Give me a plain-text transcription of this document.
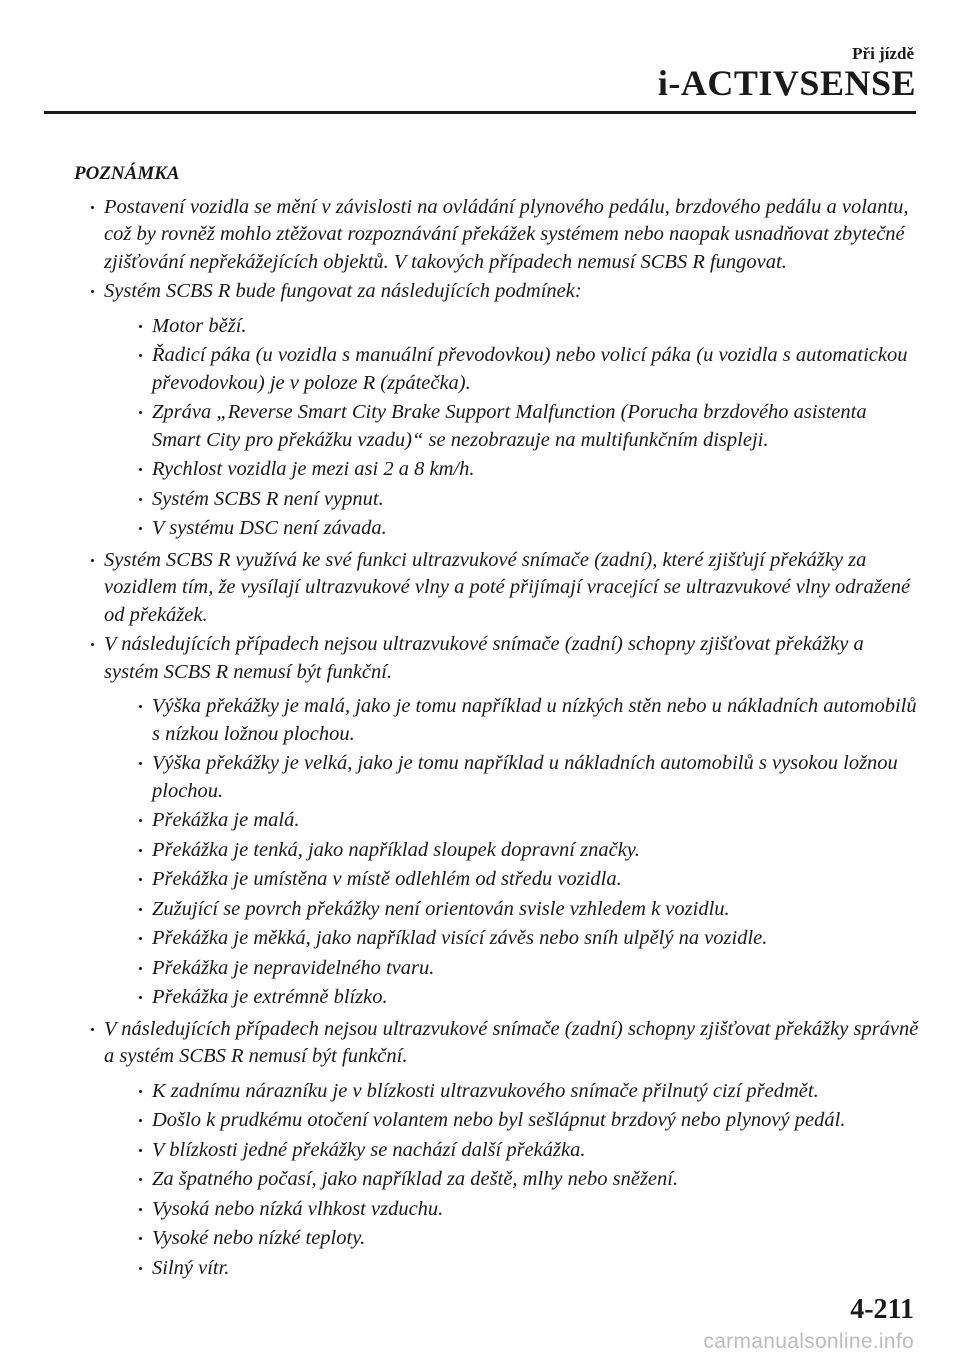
Při jízdě
i-ACTIVSENSE
POZNÁMKA
Postavení vozidla se mění v závislosti na ovládání plynového pedálu, brzdového pedálu a volantu, což by rovněž mohlo ztěžovat rozpoznávání překážek systémem nebo naopak usnadňovat zbytečné zjišťování nepřekážejících objektů. V takových případech nemusí SCBS R fungovat.
Systém SCBS R bude fungovat za následujících podmínek:
Motor běží.
Řadicí páka (u vozidla s manuální převodovkou) nebo volicí páka (u vozidla s automatickou převodovkou) je v poloze R (zpátečka).
Zpráva „Reverse Smart City Brake Support Malfunction (Porucha brzdového asistenta Smart City pro překážku vzadu)“ se nezobrazuje na multifunkčním displeji.
Rychlost vozidla je mezi asi 2 a 8 km/h.
Systém SCBS R není vypnut.
V systému DSC není závada.
Systém SCBS R využívá ke své funkci ultrazvukové snímače (zadní), které zjišťují překážky za vozidlem tím, že vysílají ultrazvukové vlny a poté přijímají vracející se ultrazvukové vlny odražené od překážek.
V následujících případech nejsou ultrazvukové snímače (zadní) schopny zjišťovat překážky a systém SCBS R nemusí být funkční.
Výška překážky je malá, jako je tomu například u nízkých stěn nebo u nákladních automobilů s nízkou ložnou plochou.
Výška překážky je velká, jako je tomu například u nákladních automobilů s vysokou ložnou plochou.
Překážka je malá.
Překážka je tenká, jako například sloupek dopravní značky.
Překážka je umístěna v místě odlehlém od středu vozidla.
Zužující se povrch překážky není orientován svisle vzhledem k vozidlu.
Překážka je měkká, jako například visící závěs nebo sníh ulpělý na vozidle.
Překážka je nepravidelného tvaru.
Překážka je extrémně blízko.
V následujících případech nejsou ultrazvukové snímače (zadní) schopny zjišťovat překážky správně a systém SCBS R nemusí být funkční.
K zadnímu nárazníku je v blízkosti ultrazvukového snímače přilnutý cizí předmět.
Došlo k prudkému otočení volantem nebo byl sešlápnut brzdový nebo plynový pedál.
V blízkosti jedné překážky se nachází další překážka.
Za špatného počasí, jako například za deště, mlhy nebo sněžení.
Vysoká nebo nízká vlhkost vzduchu.
Vysoké nebo nízké teploty.
Silný vítr.
4-211
carmanualsonline.info
